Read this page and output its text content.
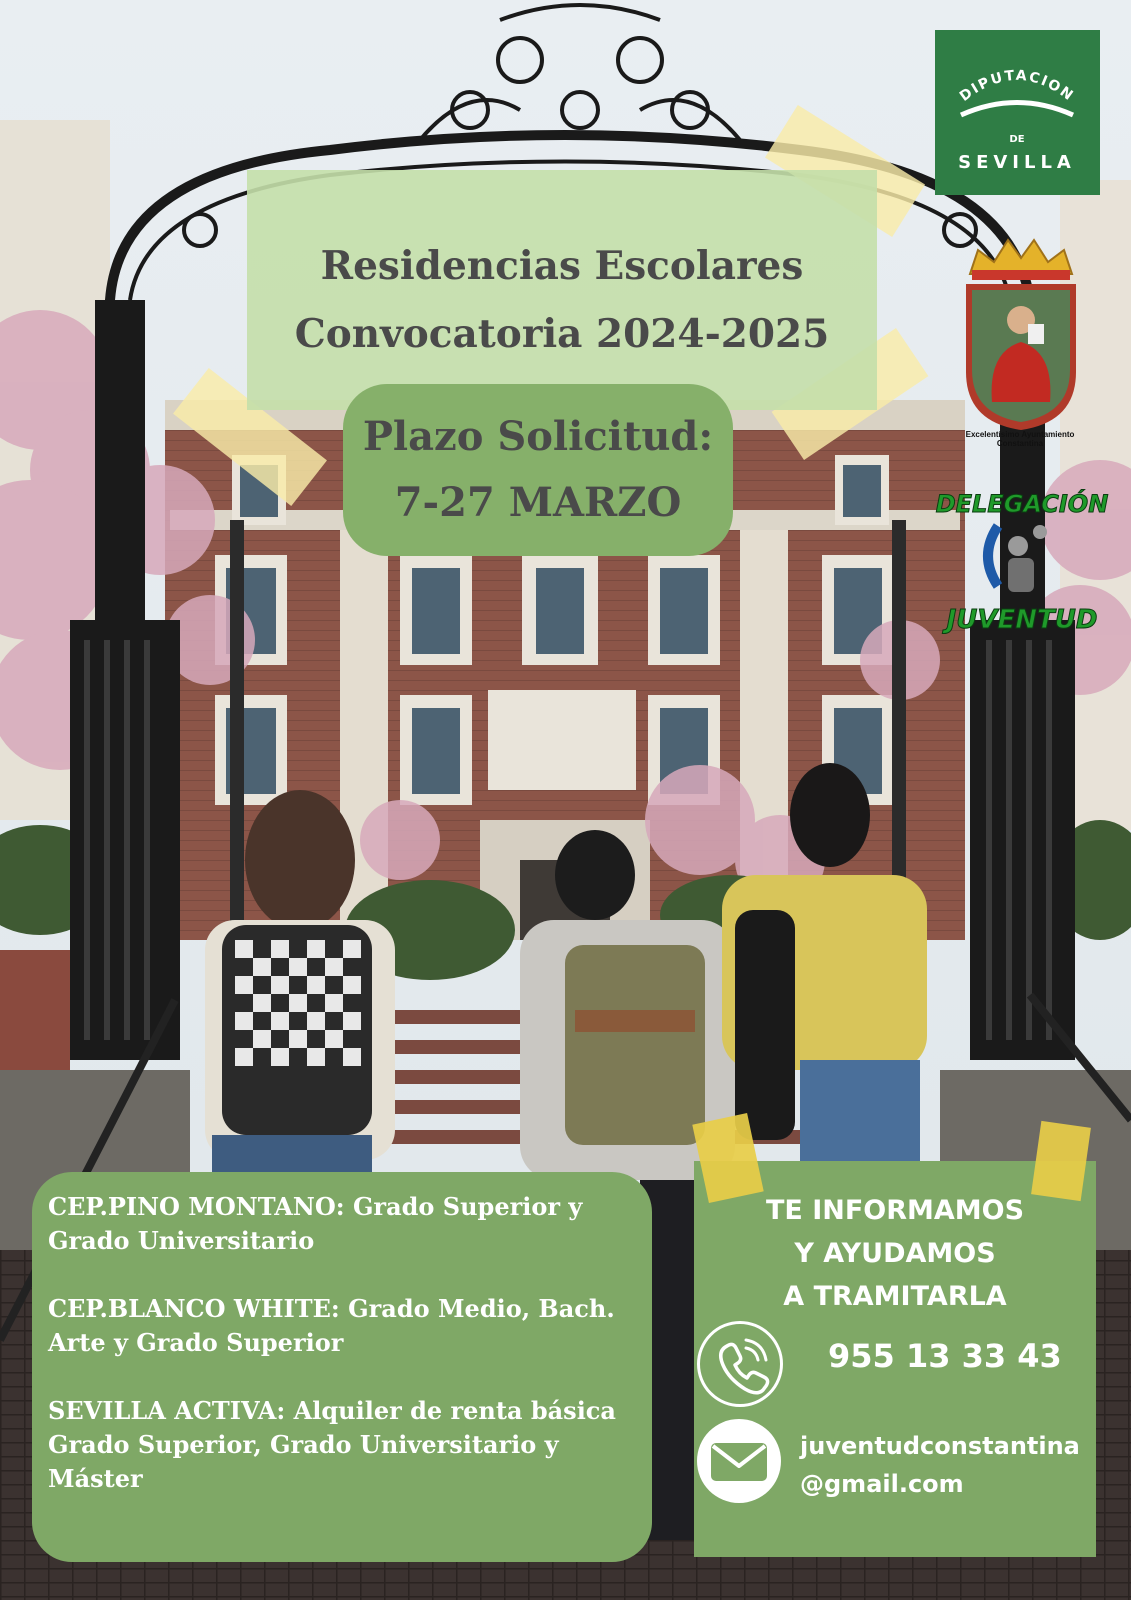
Residencias Escolares
Convocatoria 2024-2025
Plazo Solicitud:
7-27 MARZO
DIPUTACION
DE
SEVILLA
Excelentísimo Ayuntamiento
Constantina
DELEGACIÓN
JUVENTUD
CEP.PINO MONTANO: Grado Superior y Grado Universitario
CEP.BLANCO WHITE: Grado Medio, Bach. Arte y Grado Superior
SEVILLA ACTIVA: Alquiler de renta básica Grado Superior, Grado Universitario y Máster
TE INFORMAMOS
Y AYUDAMOS
A TRAMITARLA
955 13 33 43
juventudconstantina
@gmail.com
